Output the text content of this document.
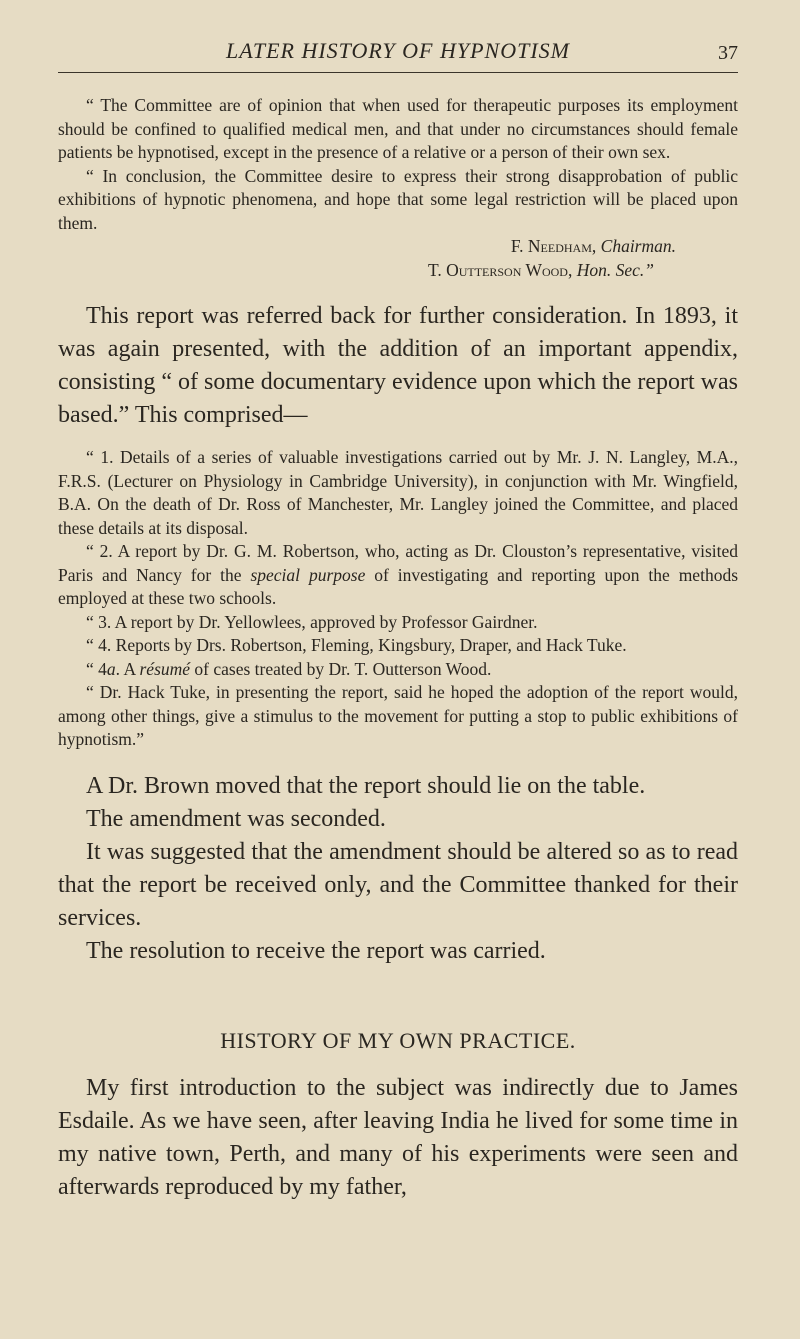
LATER HISTORY OF HYPNOTISM	37

“ The Committee are of opinion that when used for therapeutic purposes its employment should be confined to qualified medical men, and that under no circumstances should female patients be hypnotised, except in the presence of a relative or a person of their own sex.

“ In conclusion, the Committee desire to express their strong disapprobation of public exhibitions of hypnotic phenomena, and hope that some legal restriction will be placed upon them.

F. Needham, Chairman.
T. Outterson Wood, Hon. Sec.”

This report was referred back for further consideration. In 1893, it was again presented, with the addition of an important appendix, consisting “ of some documentary evidence upon which the report was based.” This comprised—

“ 1. Details of a series of valuable investigations carried out by Mr. J. N. Langley, M.A., F.R.S. (Lecturer on Physiology in Cambridge University), in conjunction with Mr. Wingfield, B.A. On the death of Dr. Ross of Manchester, Mr. Langley joined the Committee, and placed these details at its disposal.

“ 2. A report by Dr. G. M. Robertson, who, acting as Dr. Clouston’s representative, visited Paris and Nancy for the special purpose of investigating and reporting upon the methods employed at these two schools.

“ 3. A report by Dr. Yellowlees, approved by Professor Gairdner.

“ 4. Reports by Drs. Robertson, Fleming, Kingsbury, Draper, and Hack Tuke.

“ 4a. A résumé of cases treated by Dr. T. Outterson Wood.

“ Dr. Hack Tuke, in presenting the report, said he hoped the adoption of the report would, among other things, give a stimulus to the movement for putting a stop to public exhibitions of hypnotism.”

A Dr. Brown moved that the report should lie on the table.

The amendment was seconded.

It was suggested that the amendment should be altered so as to read that the report be received only, and the Committee thanked for their services.

The resolution to receive the report was carried.

HISTORY OF MY OWN PRACTICE.

My first introduction to the subject was indirectly due to James Esdaile. As we have seen, after leaving India he lived for some time in my native town, Perth, and many of his experiments were seen and afterwards reproduced by my father,
